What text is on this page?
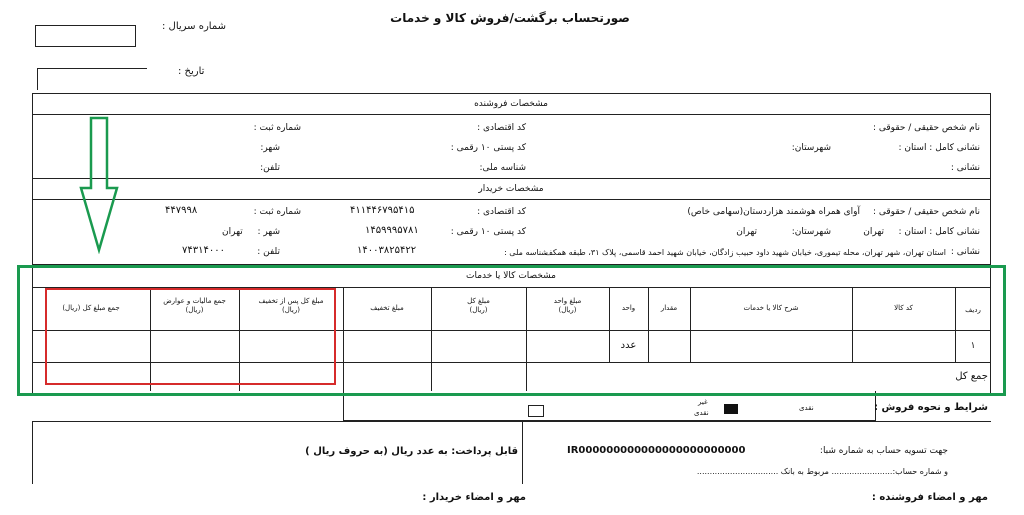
صورتحساب برگشت/فروش کالا و خدمات
شماره سریال :
تاریخ :
مشخصات فروشنده
نام شخص حقیقی / حقوقی :
کد اقتصادی :
شماره ثبت :
نشانی کامل : استان :
شهرستان:
کد پستی ۱۰ رقمی :
شهر:
نشانی :
شناسه ملی:
تلفن:
مشخصات خریدار
نام شخص حقیقی / حقوقی :
آوای همراه هوشمند هزاردستان(سهامی خاص)
کد اقتصادی :
۴۱۱۴۴۶۷۹۵۴۱۵
شماره ثبت :
۴۴۷۹۹۸
نشانی کامل : استان :
تهران
شهرستان:
تهران
کد پستی ۱۰ رقمی :
۱۴۵۹۹۹۵۷۸۱
شهر :
تهران
نشانی :
استان تهران، شهر تهران، محله تیموری، خیابان شهید داود حبیب زادگان، خیابان شهید احمد قاسمی، پلاک ۳۱، طبقه همکف
شناسه ملی :
۱۴۰۰۳۸۲۵۴۲۲
تلفن :
۷۴۳۱۴۰۰۰
مشخصات کالا یا خدمات
ردیف
کد کالا
شرح کالا یا خدمات
مقدار
واحد
مبلغ واحد
(ریال)
مبلغ کل
(ریال)
مبلغ تخفیف
مبلغ کل پس از تخفیف
(ریال)
جمع مالیات و عوارض
(ریال)
جمع مبلغ کل (ریال)
۱
عدد
جمع کل
شرایط و نحوه فروش :
نقدی
غیر
نقدی
قابل پرداخت: به عدد ریال (به حروف ریال )	جهت تسویه حساب به شماره شبا:
IR000000000000000000000000
و شماره حساب:........................ مربوط به بانک ................................
مهر و امضاء فروشنده :
مهر و امضاء خریدار :
